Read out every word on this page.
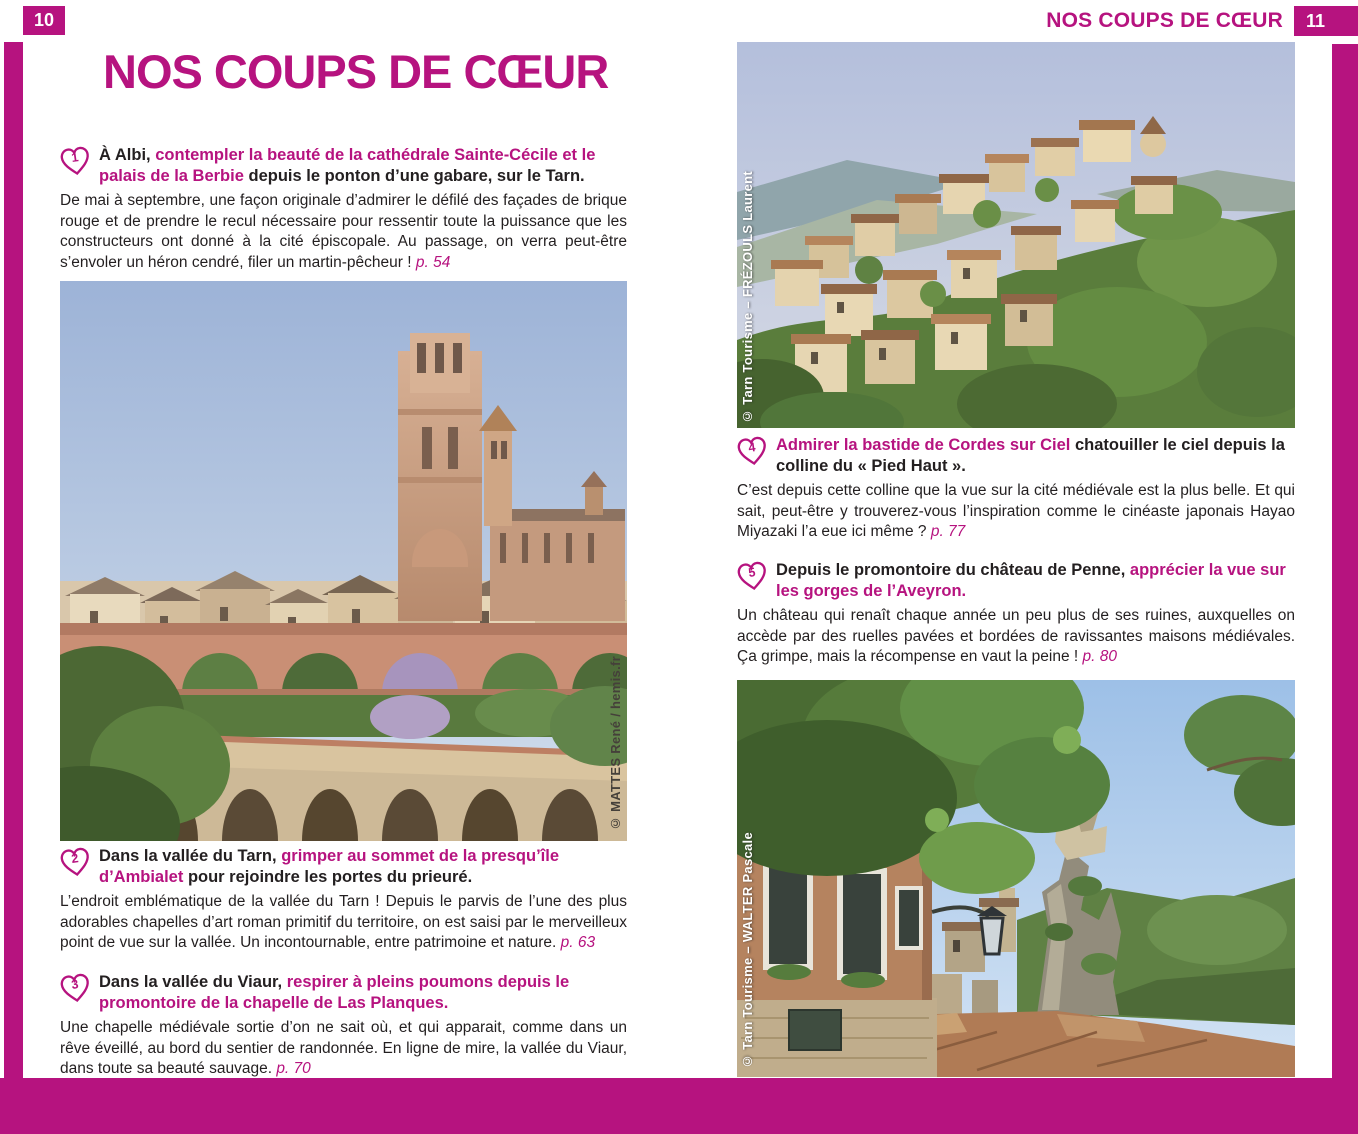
10	11
NOS COUPS DE CŒUR
NOS COUPS DE CŒUR
1 À Albi, contempler la beauté de la cathédrale Sainte-Cécile et le palais de la Berbie depuis le ponton d’une gabare, sur le Tarn.

De mai à septembre, une façon originale d’admirer le défilé des façades de brique rouge et de prendre le recul nécessaire pour ressentir toute la puissance que les constructeurs ont donné à la cité épiscopale. Au passage, on verra peut-être s’envoler un héron cendré, filer un martin-pêcheur ! p. 54

© MATTES René / hemis.fr
2 Dans la vallée du Tarn, grimper au sommet de la presqu’île d’Ambialet pour rejoindre les portes du prieuré.

L’endroit emblématique de la vallée du Tarn ! Depuis le parvis de l’une des plus adorables chapelles d’art roman primitif du territoire, on est saisi par le merveilleux point de vue sur la vallée. Un incontournable, entre patrimoine et nature. p. 63

3 Dans la vallée du Viaur, respirer à pleins poumons depuis le promontoire de la chapelle de Las Planques.

Une chapelle médiévale sortie d’on ne sait où, et qui apparait, comme dans un rêve éveillé, au bord du sentier de randonnée. En ligne de mire, la vallée du Viaur, dans toute sa beauté sauvage. p. 70

© Tarn Tourisme – FRÉZOULS Laurent
4 Admirer la bastide de Cordes sur Ciel chatouiller le ciel depuis la colline du « Pied Haut ».

C’est depuis cette colline que la vue sur la cité médiévale est la plus belle. Et qui sait, peut-être y trouverez-vous l’inspiration comme le cinéaste japonais Hayao Miyazaki l’a eue ici même ? p. 77

5 Depuis le promontoire du château de Penne, apprécier la vue sur les gorges de l’Aveyron.

Un château qui renaît chaque année un peu plus de ses ruines, auxquelles on accède par des ruelles pavées et bordées de ravissantes maisons médiévales. Ça grimpe, mais la récompense en vaut la peine ! p. 80

© Tarn Tourisme – WALTER Pascale
